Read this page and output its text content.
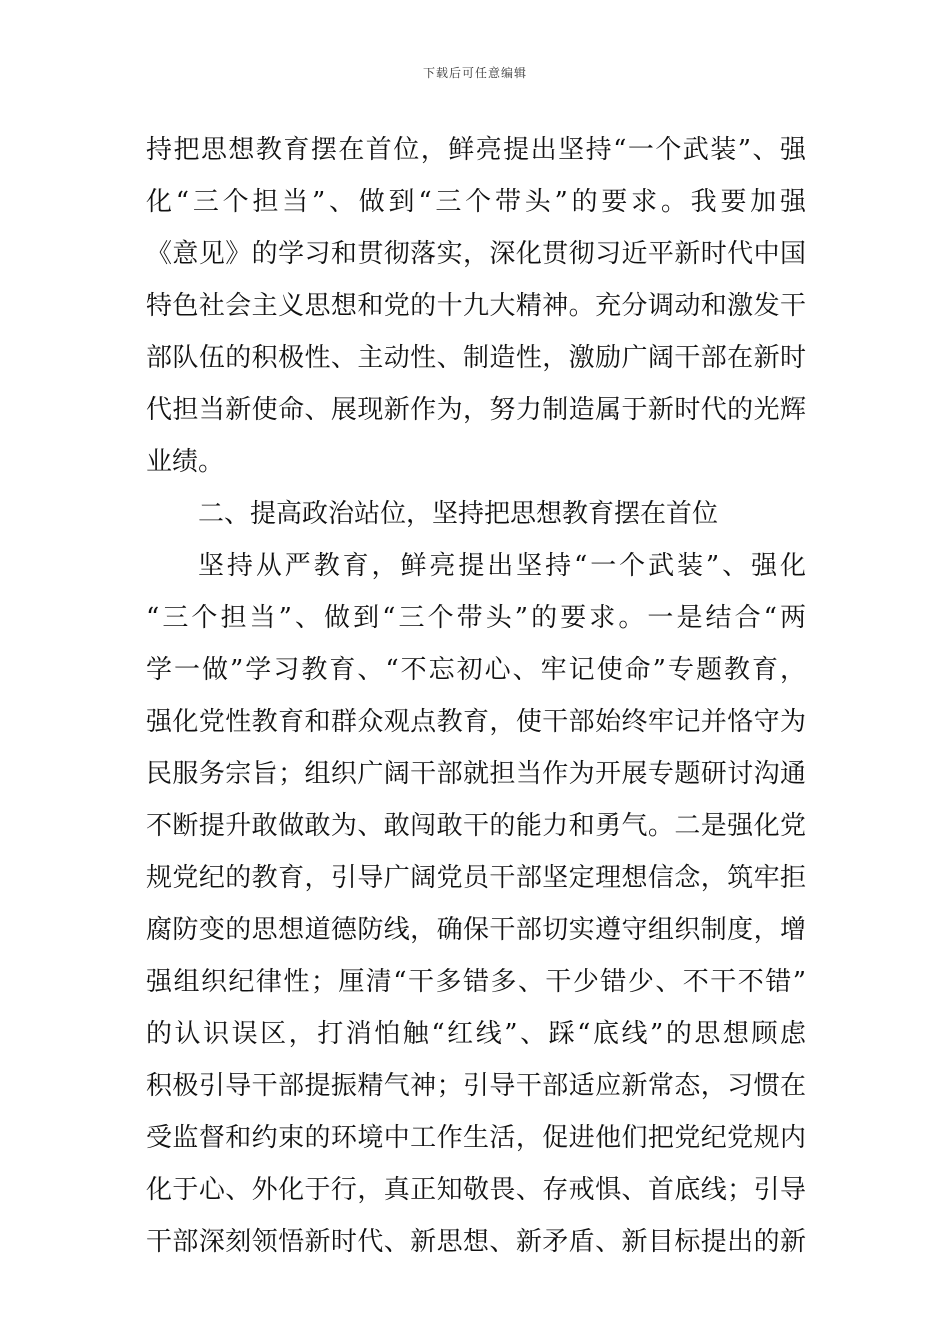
下载后可任意编辑
持把思想教育摆在首位，鲜亮提出坚持“一个武装”、强
化“三个担当”、做到“三个带头”的要求。我要加强
《意见》的学习和贯彻落实，深化贯彻习近平新时代中国
特色社会主义思想和党的十九大精神。充分调动和激发干
部队伍的积极性、主动性、制造性，激励广阔干部在新时
代担当新使命、展现新作为，努力制造属于新时代的光辉
业绩。
二、提高政治站位，坚持把思想教育摆在首位
坚持从严教育，鲜亮提出坚持“一个武装”、强化
“三个担当”、做到“三个带头”的要求。一是结合“两
学一做”学习教育、“不忘初心、牢记使命”专题教育，
强化党性教育和群众观点教育，使干部始终牢记并恪守为
民服务宗旨；组织广阔干部就担当作为开展专题研讨沟通
不断提升敢做敢为、敢闯敢干的能力和勇气。二是强化党
规党纪的教育，引导广阔党员干部坚定理想信念，筑牢拒
腐防变的思想道德防线，确保干部切实遵守组织制度，增
强组织纪律性；厘清“干多错多、干少错少、不干不错”
的认识误区，打消怕触“红线”、踩“底线”的思想顾虑
积极引导干部提振精气神；引导干部适应新常态，习惯在
受监督和约束的环境中工作生活，促进他们把党纪党规内
化于心、外化于行，真正知敬畏、存戒惧、首底线；引导
干部深刻领悟新时代、新思想、新矛盾、新目标提出的新
